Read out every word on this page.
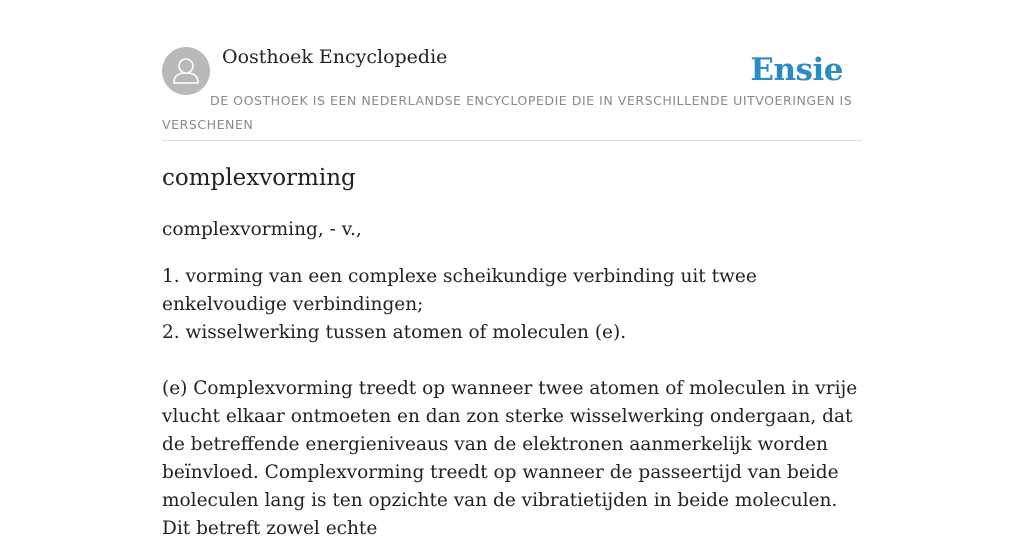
Oosthoek Encyclopedie	Ensie
DE OOSTHOEK IS EEN NEDERLANDSE ENCYCLOPEDIE DIE IN VERSCHILLENDE UITVOERINGEN IS VERSCHENEN
complexvorming

complexvorming, - v.,

1. vorming van een complexe scheikundige verbinding uit twee enkelvoudige verbindingen;

2. wisselwerking tussen atomen of moleculen (e).

(e) Complexvorming treedt op wanneer twee atomen of moleculen in vrije vlucht elkaar ontmoeten en dan zon sterke wisselwerking ondergaan, dat de betreffende energieniveaus van de elektronen aanmerkelijk worden beïnvloed. Complexvorming treedt op wanneer de passeertijd van beide moleculen lang is ten opzichte van de vibratietijden in beide moleculen. Dit betreft zowel echte
